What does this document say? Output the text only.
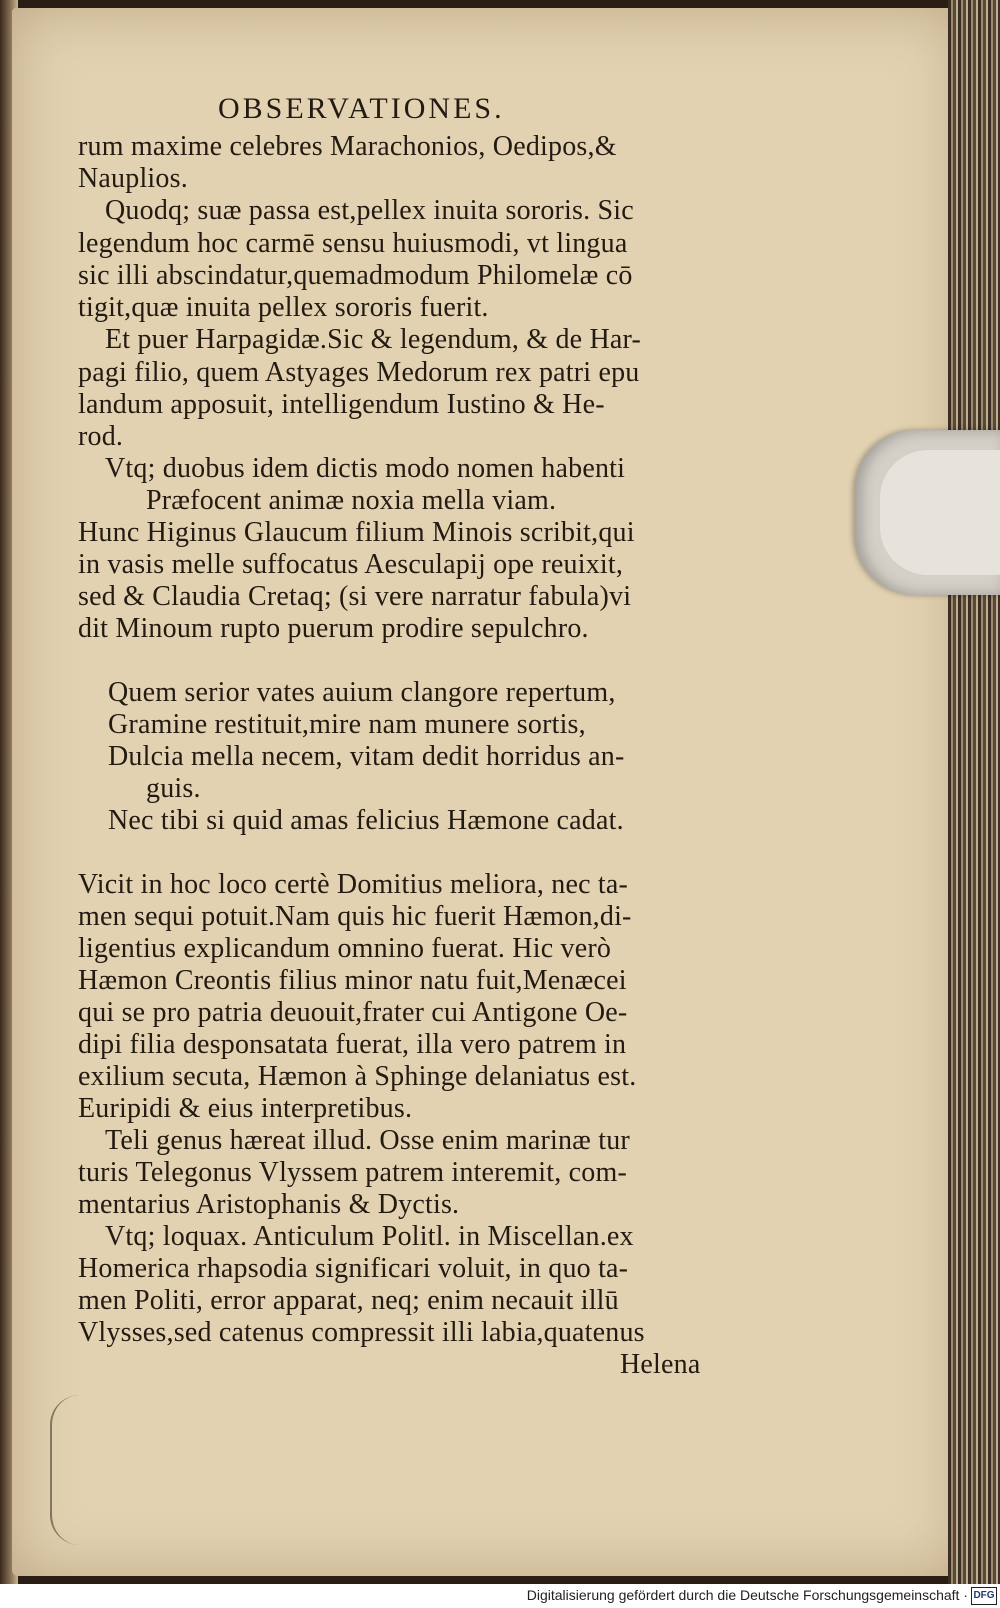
OBSERVATIONES.
rum maxime celebres Marachonios, Oedipos,&
Nauplios.
Quodq; suæ passa est,pellex inuita sororis. Sic
legendum hoc carmē sensu huiusmodi, vt lingua
sic illi abscindatur,quemadmodum Philomelæ cō
tigit,quæ inuita pellex sororis fuerit.
Et puer Harpagidæ.Sic & legendum, & de Har-
pagi filio, quem Astyages Medorum rex patri epu
landum apposuit, intelligendum Iustino & He-
rod.
Vtq; duobus idem dictis modo nomen habenti
Præfocent animæ noxia mella viam.
Hunc Higinus Glaucum filium Minois scribit,qui
in vasis melle suffocatus Aesculapij ope reuixit,
sed & Claudia Cretaq; (si vere narratur fabula)vi
dit Minoum rupto puerum prodire sepulchro.
Quem serior vates auium clangore repertum,
Gramine restituit,mire nam munere sortis,
Dulcia mella necem, vitam dedit horridus an-
guis.
Nec tibi si quid amas felicius Hæmone cadat.
Vicit in hoc loco certè Domitius meliora, nec ta-
men sequi potuit.Nam quis hic fuerit Hæmon,di-
ligentius explicandum omnino fuerat. Hic verò
Hæmon Creontis filius minor natu fuit,Menæcei
qui se pro patria deuouit,frater cui Antigone Oe-
dipi filia desponsatata fuerat, illa vero patrem in
exilium secuta, Hæmon à Sphinge delaniatus est.
Euripidi & eius interpretibus.
Teli genus hæreat illud. Osse enim marinæ tur
turis Telegonus Vlyssem patrem interemit, com-
mentarius Aristophanis & Dyctis.
Vtq; loquax. Anticulum Politl. in Miscellan.ex
Homerica rhapsodia significari voluit, in quo ta-
men Politi, error apparat, neq; enim necauit illū
Vlysses,sed catenus compressit illi labia,quatenus
Helena
Digitalisierung gefördert durch die Deutsche Forschungsgemeinschaft · DFG
